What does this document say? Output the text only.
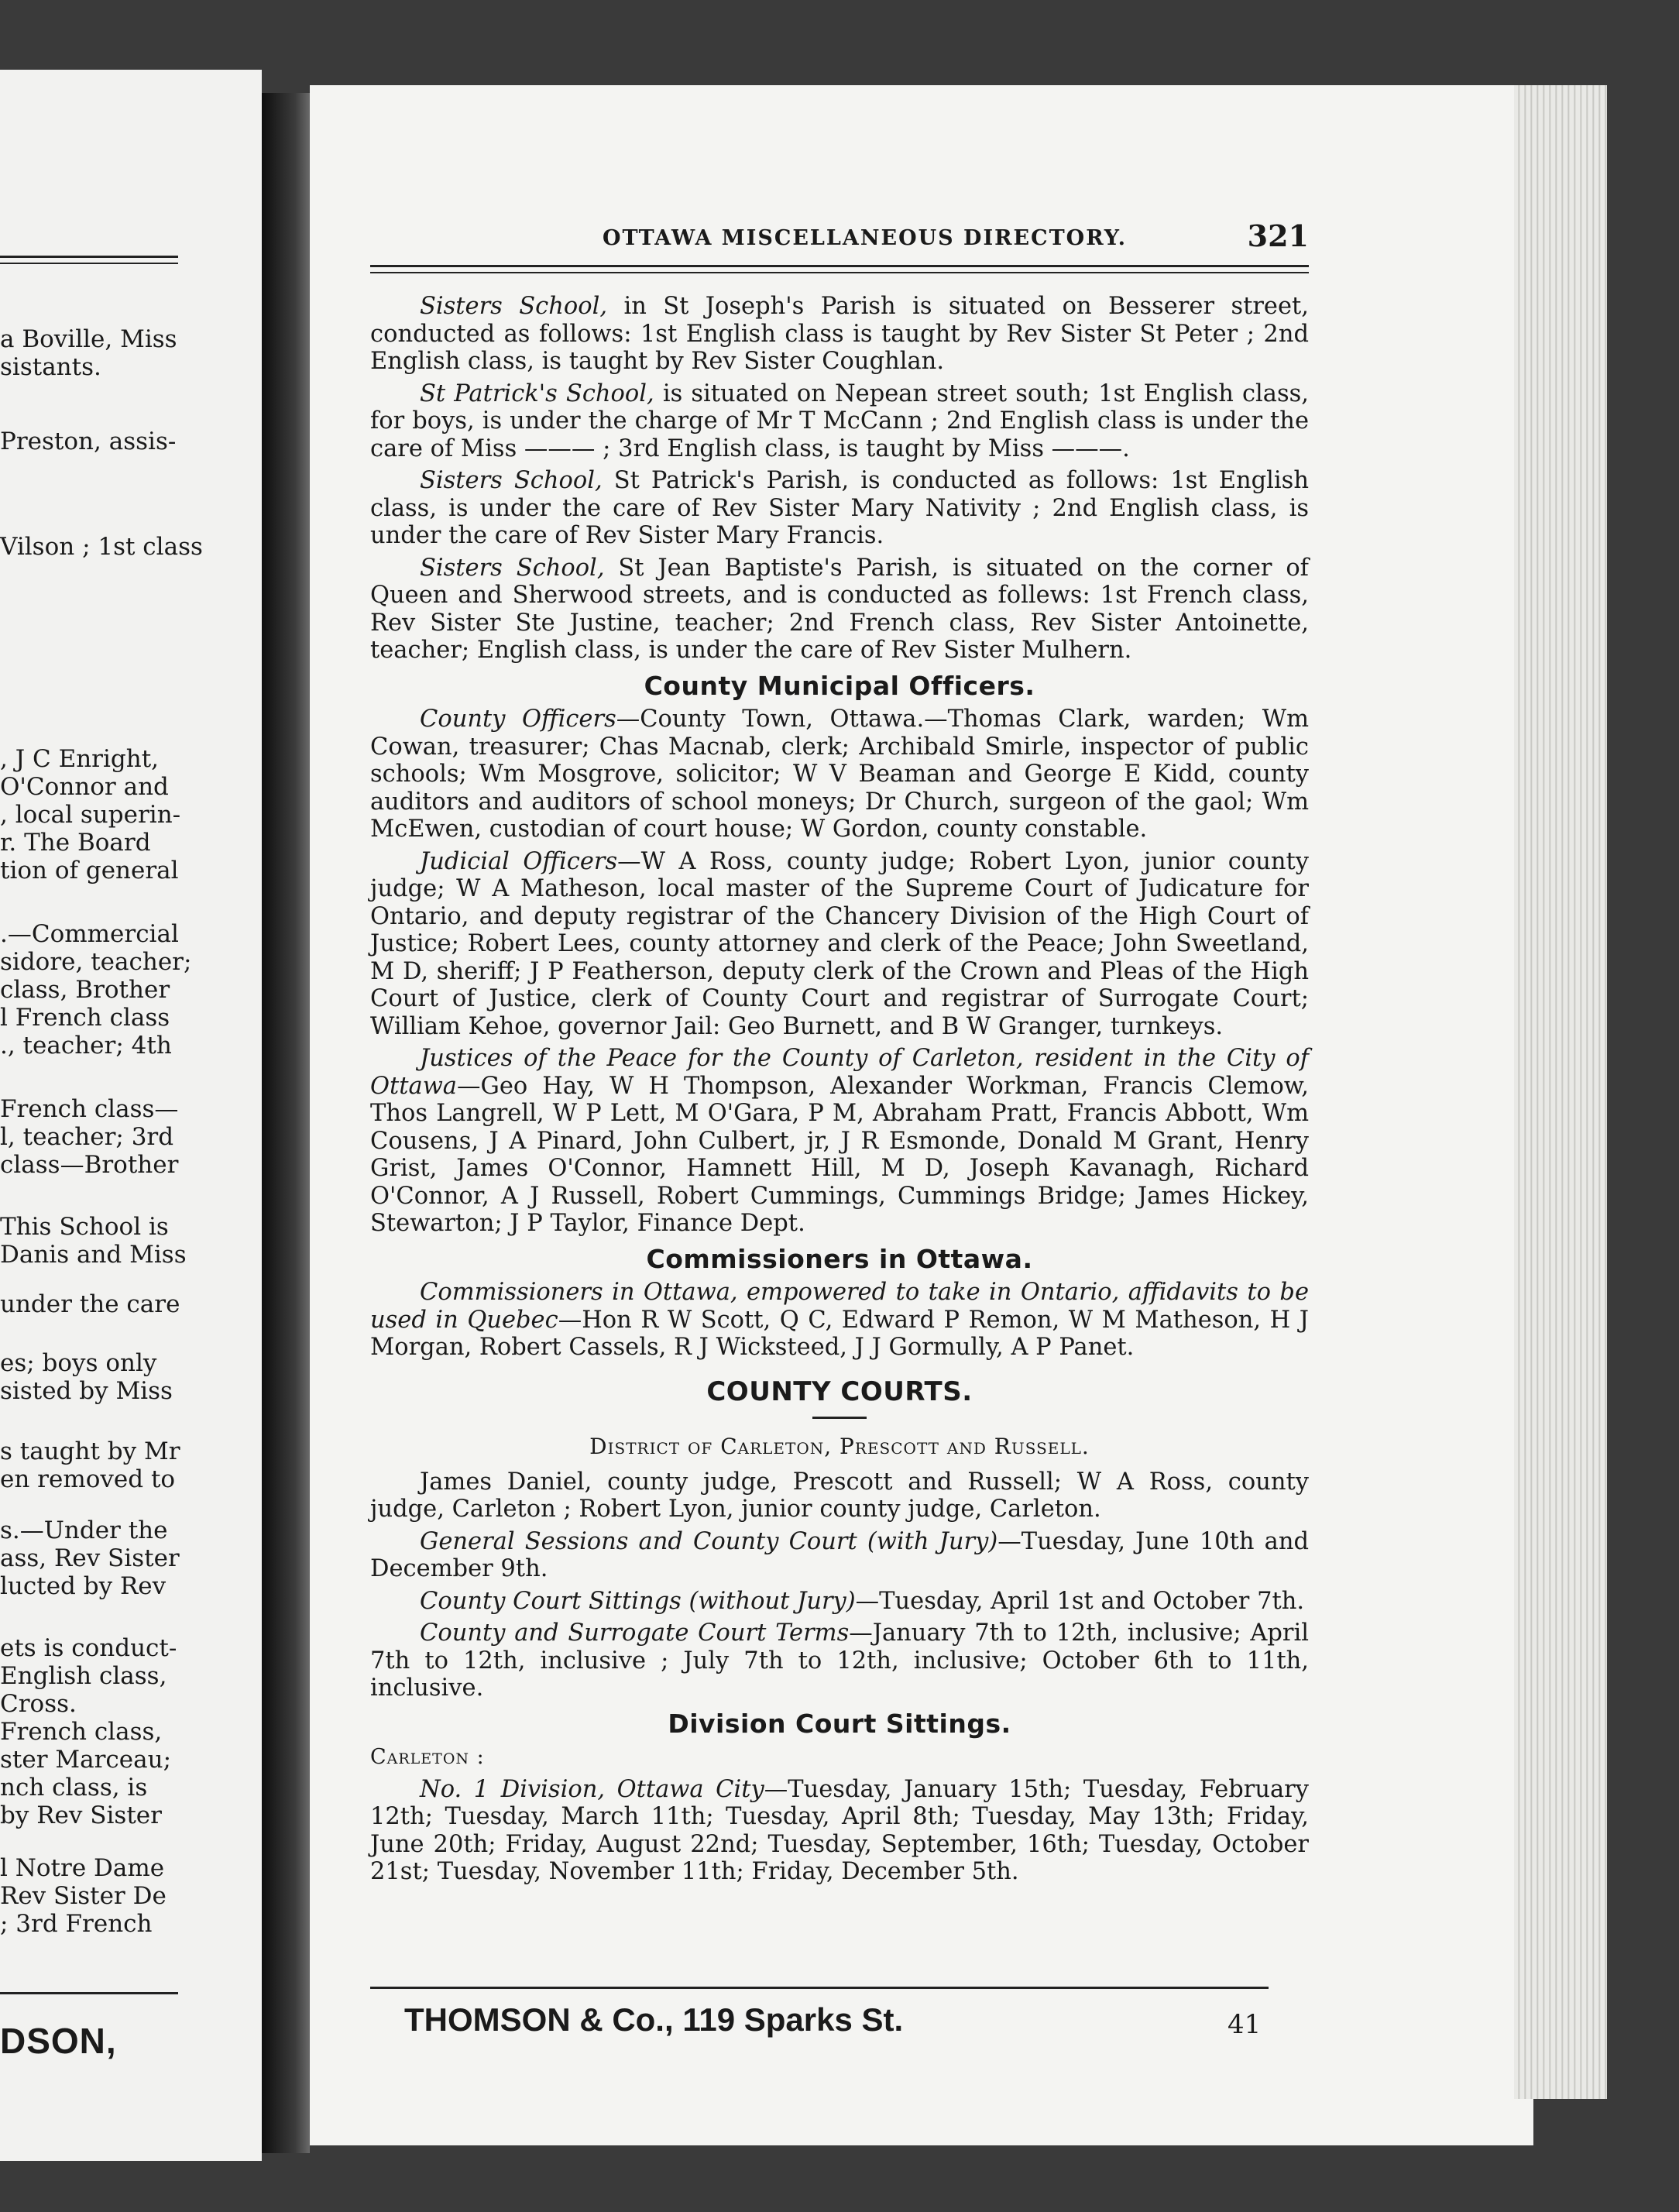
a Boville, Miss
sistants.
Preston, assis-
Vilson ; 1st class
, J C Enright,
O'Connor and
, local superin-
r. The Board
tion of general
.—Commercial
sidore, teacher;
class, Brother
l French class
., teacher; 4th
French class—
l, teacher; 3rd
class—Brother
This School is
Danis and Miss
under the care
es; boys only
sisted by Miss
s taught by Mr
en removed to
s.—Under the
ass, Rev Sister
lucted by Rev
ets is conduct-
English class,
Cross.
French class,
ster Marceau;
nch class, is
by Rev Sister
l Notre Dame
Rev Sister De
; 3rd French
DSON,
OTTAWA MISCELLANEOUS DIRECTORY.	321

Sisters School, in St Joseph's Parish is situated on Besserer street, conducted as follows: 1st English class is taught by Rev Sister St Peter ; 2nd English class, is taught by Rev Sister Coughlan.

St Patrick's School, is situated on Nepean street south; 1st English class, for boys, is under the charge of Mr T McCann ; 2nd English class is under the care of Miss ——— ; 3rd English class, is taught by Miss ———.

Sisters School, St Patrick's Parish, is conducted as follows: 1st English class, is under the care of Rev Sister Mary Nativity ; 2nd English class, is under the care of Rev Sister Mary Francis.

Sisters School, St Jean Baptiste's Parish, is situated on the corner of Queen and Sherwood streets, and is conducted as follews: 1st French class, Rev Sister Ste Justine, teacher; 2nd French class, Rev Sister Antoinette, teacher; English class, is under the care of Rev Sister Mulhern.

County Municipal Officers.

County Officers—County Town, Ottawa.—Thomas Clark, warden; Wm Cowan, treasurer; Chas Macnab, clerk; Archibald Smirle, inspector of public schools; Wm Mosgrove, solicitor; W V Beaman and George E Kidd, county auditors and auditors of school moneys; Dr Church, surgeon of the gaol; Wm McEwen, custodian of court house; W Gordon, county constable.

Judicial Officers—W A Ross, county judge; Robert Lyon, junior county judge; W A Matheson, local master of the Supreme Court of Judicature for Ontario, and deputy registrar of the Chancery Division of the High Court of Justice; Robert Lees, county attorney and clerk of the Peace; John Sweetland, M D, sheriff; J P Featherson, deputy clerk of the Crown and Pleas of the High Court of Justice, clerk of County Court and registrar of Surrogate Court; William Kehoe, governor Jail: Geo Burnett, and B W Granger, turnkeys.

Justices of the Peace for the County of Carleton, resident in the City of Ottawa—Geo Hay, W H Thompson, Alexander Workman, Francis Clemow, Thos Langrell, W P Lett, M O'Gara, P M, Abraham Pratt, Francis Abbott, Wm Cousens, J A Pinard, John Culbert, jr, J R Esmonde, Donald M Grant, Henry Grist, James O'Connor, Hamnett Hill, M D, Joseph Kavanagh, Richard O'Connor, A J Russell, Robert Cummings, Cummings Bridge; James Hickey, Stewarton; J P Taylor, Finance Dept.

Commissioners in Ottawa.

Commissioners in Ottawa, empowered to take in Ontario, affidavits to be used in Quebec—Hon R W Scott, Q C, Edward P Remon, W M Matheson, H J Morgan, Robert Cassels, R J Wicksteed, J J Gormully, A P Panet.

COUNTY COURTS.
District of Carleton, Prescott and Russell.

James Daniel, county judge, Prescott and Russell; W A Ross, county judge, Carleton ; Robert Lyon, junior county judge, Carleton.

General Sessions and County Court (with Jury)—Tuesday, June 10th and December 9th.

County Court Sittings (without Jury)—Tuesday, April 1st and October 7th.

County and Surrogate Court Terms—January 7th to 12th, inclusive; April 7th to 12th, inclusive ; July 7th to 12th, inclusive; October 6th to 11th, inclusive.

Division Court Sittings.
Carleton :

No. 1 Division, Ottawa City—Tuesday, January 15th; Tuesday, February 12th; Tuesday, March 11th; Tuesday, April 8th; Tuesday, May 13th; Friday, June 20th; Friday, August 22nd; Tuesday, September, 16th; Tuesday, October 21st; Tuesday, November 11th; Friday, December 5th.

THOMSON & Co., 119 Sparks St.	41
